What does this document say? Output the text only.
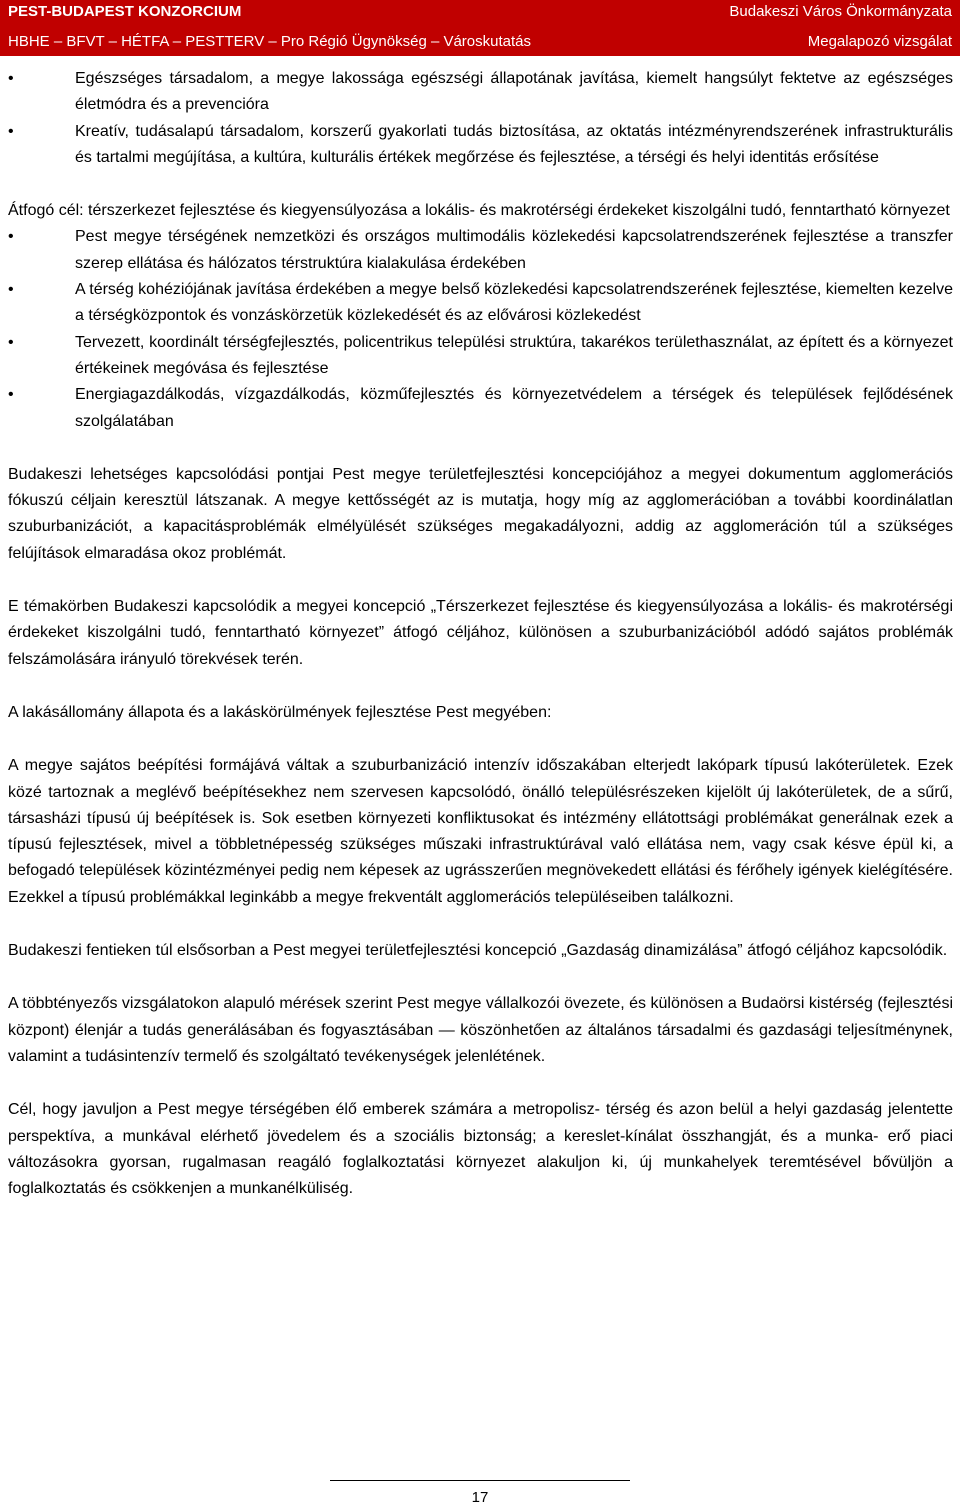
PEST-BUDAPEST KONZORCIUM	Budakeszi Város Önkormányzata
HBHE – BFVT – HÉTFA – PESTTERV – Pro Régió Ügynökség – Városkutatás	Megalapozó vizsgálat
•	Egészséges társadalom, a megye lakossága egészségi állapotának javítása, kiemelt hangsúlyt fektetve az egészséges életmódra és a prevencióra
•	Kreatív, tudásalapú társadalom, korszerű gyakorlati tudás biztosítása, az oktatás intézményrendszerének infrastrukturális és tartalmi megújítása, a kultúra, kulturális értékek megőrzése és fejlesztése, a térségi és helyi identitás erősítése

Átfogó cél: térszerkezet fejlesztése és kiegyensúlyozása a lokális- és makrotérségi érdekeket kiszolgálni tudó, fenntartható környezet

•	Pest megye térségének nemzetközi és országos multimodális közlekedési kapcsolatrendszerének fejlesztése a transzfer szerep ellátása és hálózatos térstruktúra kialakulása érdekében
•	A térség kohéziójának javítása érdekében a megye belső közlekedési kapcsolatrendszerének fejlesztése, kiemelten kezelve a térségközpontok és vonzáskörzetük közlekedését és az elővárosi közlekedést
•	Tervezett, koordinált térségfejlesztés, policentrikus települési struktúra, takarékos területhasználat, az épített és a környezet értékeinek megóvása és fejlesztése
•	Energiagazdálkodás, vízgazdálkodás, közműfejlesztés és környezetvédelem a térségek és települések fejlődésének szolgálatában

Budakeszi lehetséges kapcsolódási pontjai Pest megye területfejlesztési koncepciójához a megyei dokumentum agglomerációs fókuszú céljain keresztül látszanak. A megye kettősségét az is mutatja, hogy míg az agglomerációban a további koordinálatlan szuburbanizációt, a kapacitásproblémák elmélyülését szükséges megakadályozni, addig az agglomeráción túl a szükséges felújítások elmaradása okoz problémát.

E témakörben Budakeszi kapcsolódik a megyei koncepció „Térszerkezet fejlesztése és kiegyensúlyozása a lokális- és makrotérségi érdekeket kiszolgálni tudó, fenntartható környezet” átfogó céljához, különösen a szuburbanizációból adódó sajátos problémák felszámolására irányuló törekvések terén.

A lakásállomány állapota és a lakáskörülmények fejlesztése Pest megyében:

A megye sajátos beépítési formájává váltak a szuburbanizáció intenzív időszakában elterjedt lakópark típusú lakóterületek. Ezek közé tartoznak a meglévő beépítésekhez nem szervesen kapcsolódó, önálló településrészeken kijelölt új lakóterületek, de a sűrű, társasházi típusú új beépítések is. Sok esetben környezeti konfliktusokat és intézmény ellátottsági problémákat generálnak ezek a típusú fejlesztések, mivel a többletnépesség szükséges műszaki infrastruktúrával való ellátása nem, vagy csak késve épül ki, a befogadó települések közintézményei pedig nem képesek az ugrásszerűen megnövekedett ellátási és férőhely igények kielégítésére. Ezekkel a típusú problémákkal leginkább a megye frekventált agglomerációs településeiben találkozni.

Budakeszi fentieken túl elsősorban a Pest megyei területfejlesztési koncepció „Gazdaság dinamizálása” átfogó céljához kapcsolódik.

A többtényezős vizsgálatokon alapuló mérések szerint Pest megye vállalkozói övezete, és különösen a Budaörsi kistérség (fejlesztési központ) élenjár a tudás generálásában és fogyasztásában — köszönhetően az általános társadalmi és gazdasági teljesítménynek, valamint a tudásintenzív termelő és szolgáltató tevékenységek jelenlétének.

Cél, hogy javuljon a Pest megye térségében élő emberek számára a metropolisz- térség és azon belül a helyi gazdaság jelentette perspektíva, a munkával elérhető jövedelem és a szociális biztonság; a kereslet-kínálat összhangját, és a munka- erő piaci változásokra gyorsan, rugalmasan reagáló foglalkoztatási környezet alakuljon ki, új munkahelyek teremtésével bővüljön a foglalkoztatás és csökkenjen a munkanélküliség.

17
